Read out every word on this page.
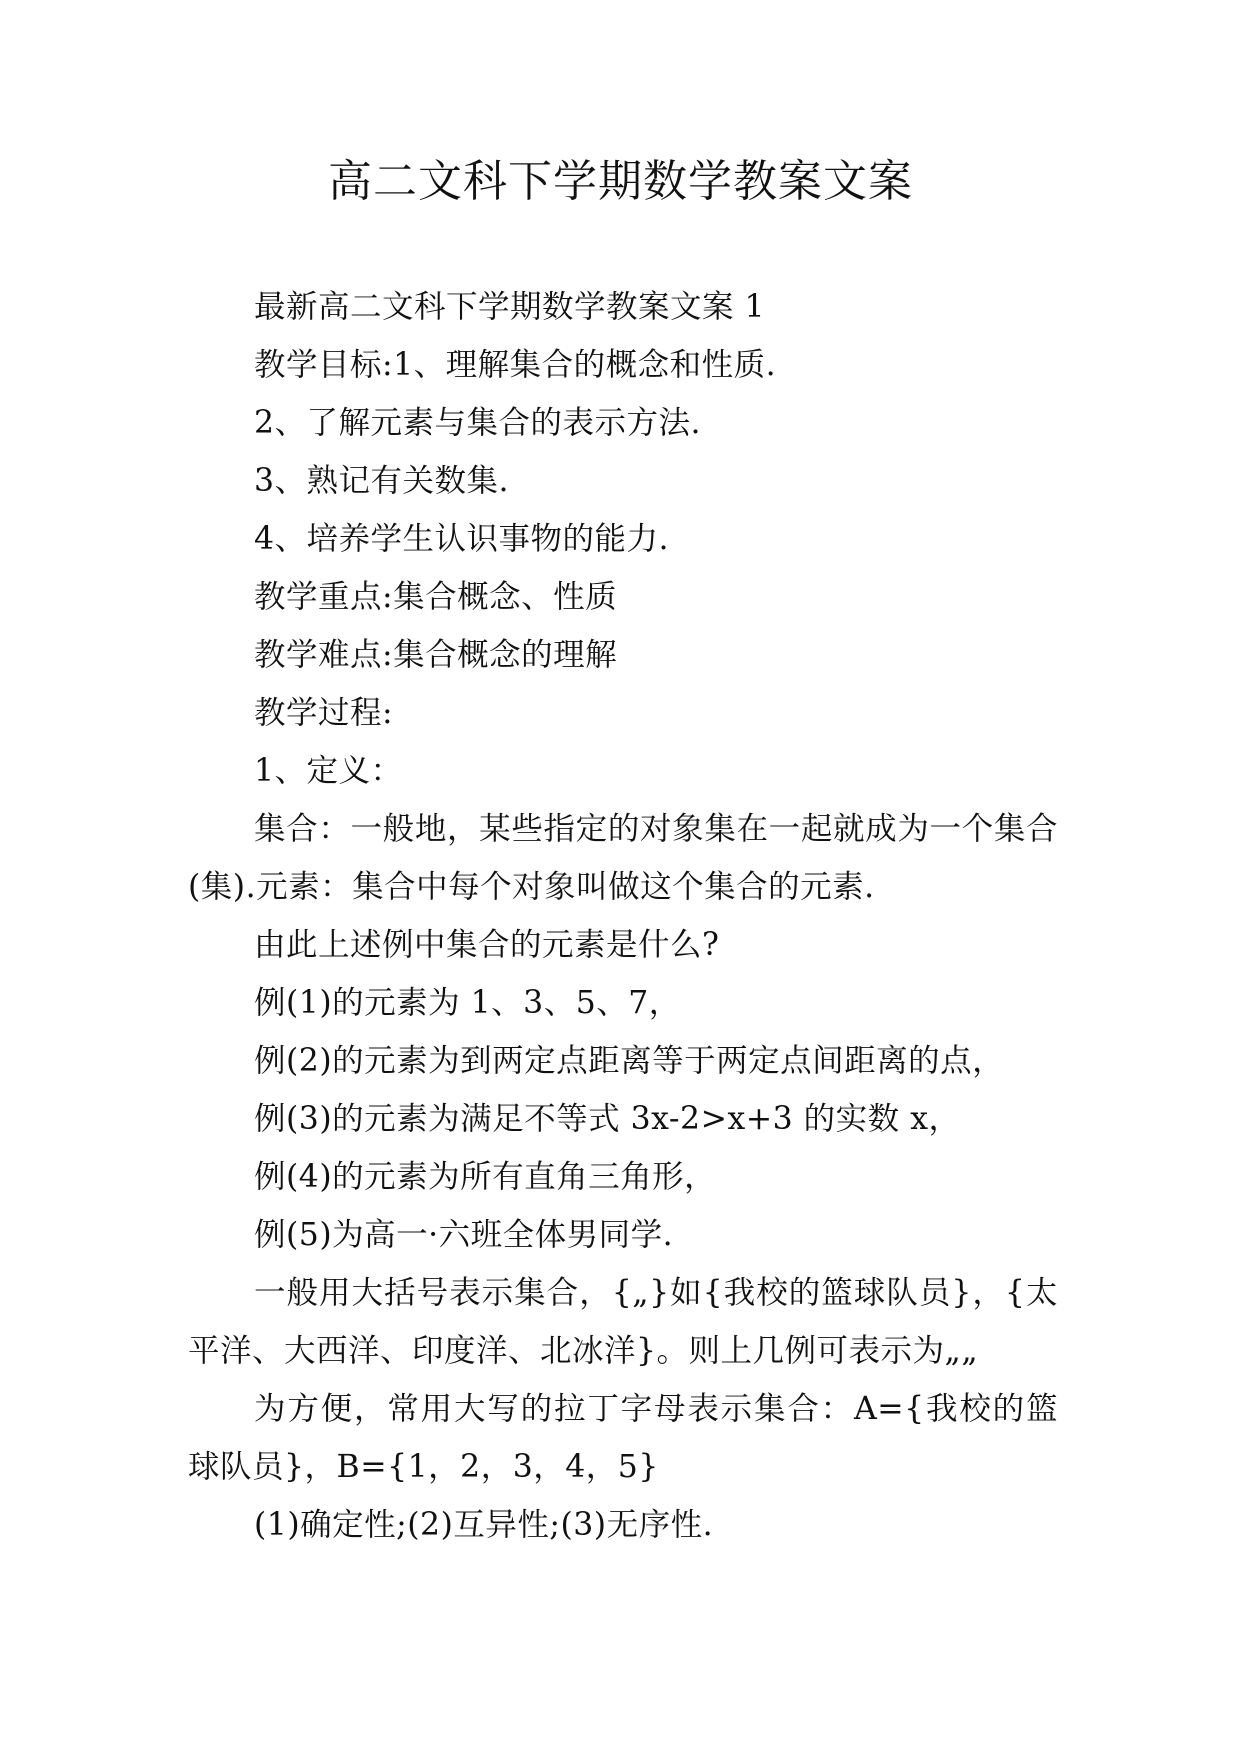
高二文科下学期数学教案文案

最新高二文科下学期数学教案文案 1

教学目标:1、理解集合的概念和性质.

2、了解元素与集合的表示方法.

3、熟记有关数集.

4、培养学生认识事物的能力.

教学重点:集合概念、性质

教学难点:集合概念的理解

教学过程:

1、定义：

集合：一般地，某些指定的对象集在一起就成为一个集合(集).元素：集合中每个对象叫做这个集合的元素.

由此上述例中集合的元素是什么?

例(1)的元素为 1、3、5、7，

例(2)的元素为到两定点距离等于两定点间距离的点，

例(3)的元素为满足不等式 3x-2>x+3 的实数 x，

例(4)的元素为所有直角三角形，

例(5)为高一·六班全体男同学.

一般用大括号表示集合，{„}如{我校的篮球队员}，{太平洋、大西洋、印度洋、北冰洋}。则上几例可表示为„„

为方便，常用大写的拉丁字母表示集合：A={我校的篮球队员}，B={1，2，3，4，5}

(1)确定性;(2)互异性;(3)无序性.
